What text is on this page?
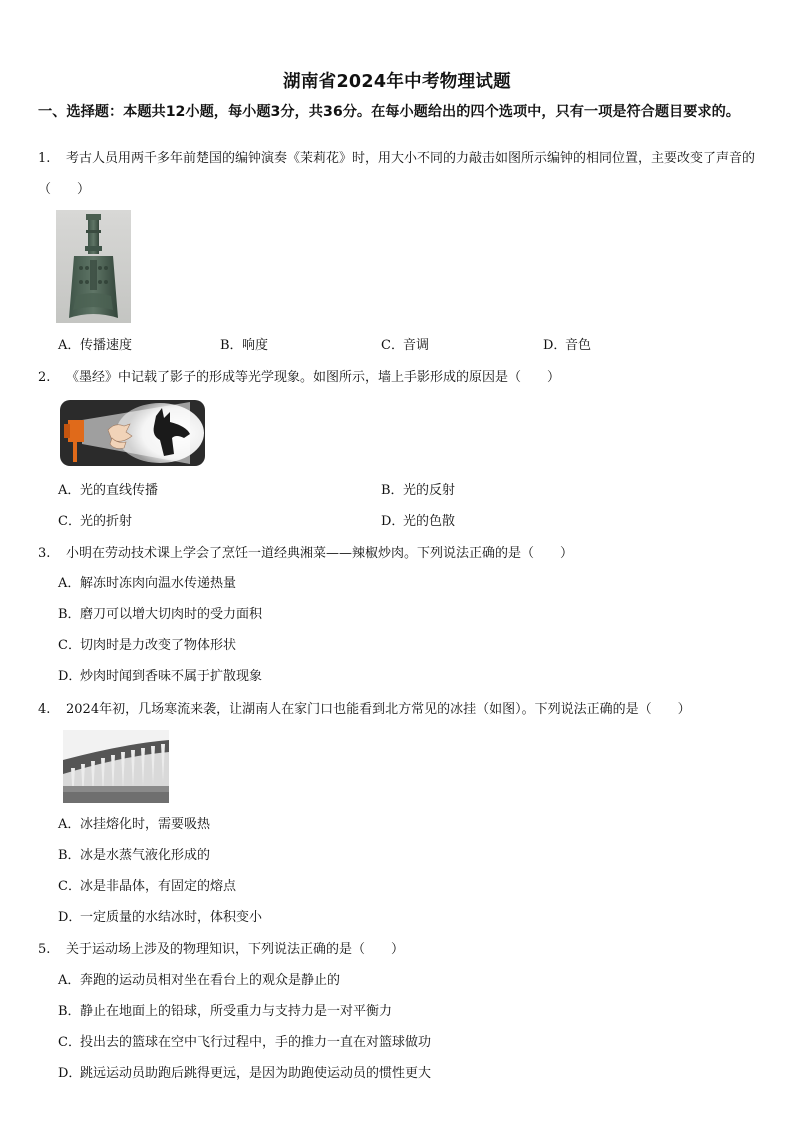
湖南省2024年中考物理试题
一、选择题：本题共12小题，每小题3分，共36分。在每小题给出的四个选项中，只有一项是符合题目要求的。
1. 考古人员用两千多年前楚国的编钟演奏《茉莉花》时，用大小不同的力敲击如图所示编钟的相同位置，主要改变了声音的（　　）
A．传播速度	B．响度	C．音调	D．音色
2. 《墨经》中记载了影子的形成等光学现象。如图所示，墙上手影形成的原因是（　　）
A．光的直线传播	B．光的反射
C．光的折射	D．光的色散
3. 小明在劳动技术课上学会了烹饪一道经典湘菜——辣椒炒肉。下列说法正确的是（　　）
A．解冻时冻肉向温水传递热量
B．磨刀可以增大切肉时的受力面积
C．切肉时是力改变了物体形状
D．炒肉时闻到香味不属于扩散现象
4. 2024年初，几场寒流来袭，让湖南人在家门口也能看到北方常见的冰挂（如图）。下列说法正确的是（　　）
A．冰挂熔化时，需要吸热
B．冰是水蒸气液化形成的
C．冰是非晶体，有固定的熔点
D．一定质量的水结冰时，体积变小
5. 关于运动场上涉及的物理知识，下列说法正确的是（　　）
A．奔跑的运动员相对坐在看台上的观众是静止的
B．静止在地面上的铅球，所受重力与支持力是一对平衡力
C．投出去的篮球在空中飞行过程中，手的推力一直在对篮球做功
D．跳远运动员助跑后跳得更远，是因为助跑使运动员的惯性更大
